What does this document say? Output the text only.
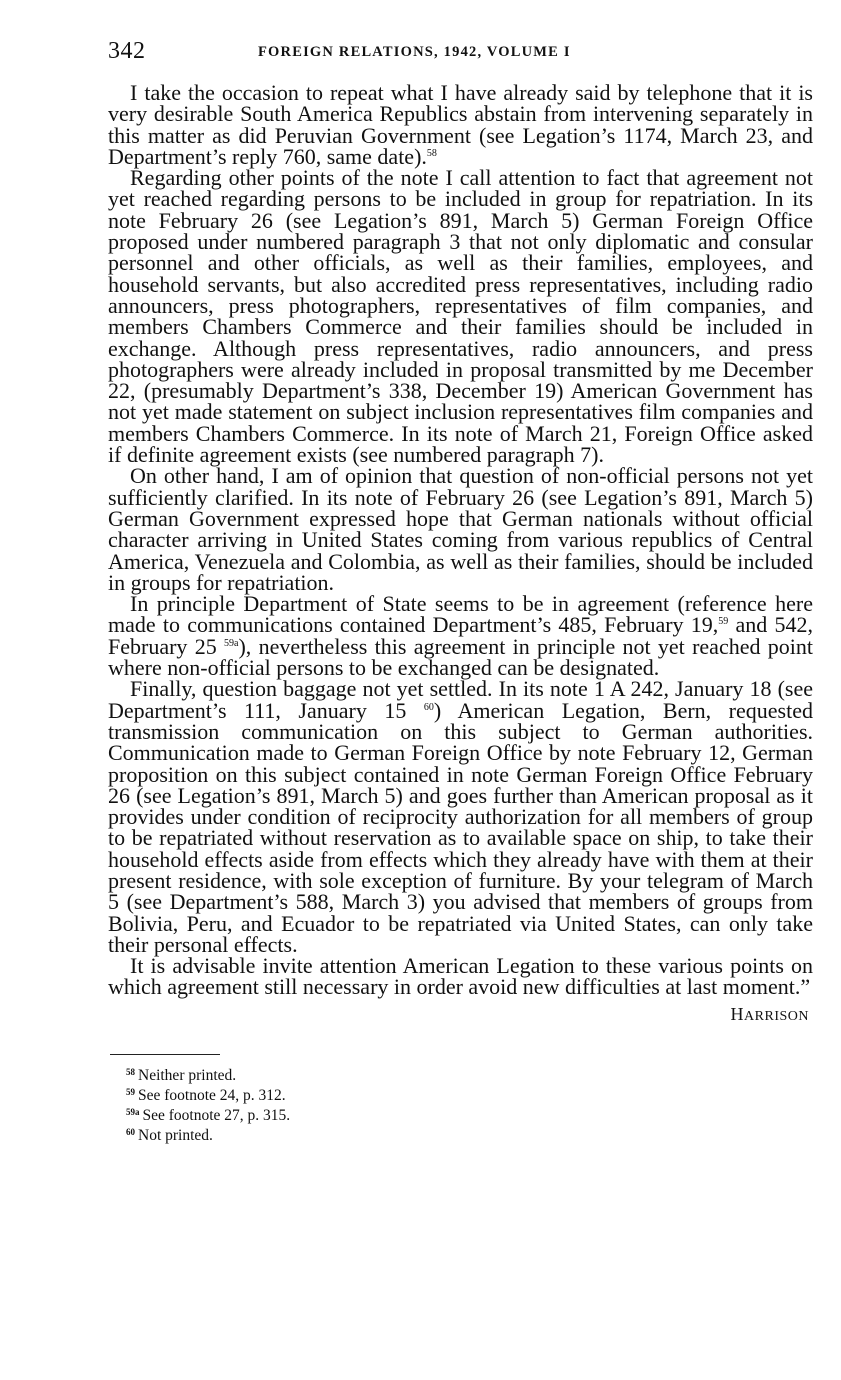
342	FOREIGN RELATIONS, 1942, VOLUME I

I take the occasion to repeat what I have already said by telephone that it is very desirable South America Republics abstain from intervening separately in this matter as did Peruvian Government (see Legation’s 1174, March 23, and Department’s reply 760, same date).$^{58}$

Regarding other points of the note I call attention to fact that agreement not yet reached regarding persons to be included in group for repatriation. In its note February 26 (see Legation’s 891, March 5) German Foreign Office proposed under numbered paragraph 3 that not only diplomatic and consular personnel and other officials, as well as their families, employees, and household servants, but also accredited press representatives, including radio announcers, press photographers, representatives of film companies, and members Chambers Commerce and their families should be included in exchange. Although press representatives, radio announcers, and press photographers were already included in proposal transmitted by me December 22, (presumably Department’s 338, December 19) American Government has not yet made statement on subject inclusion representatives film companies and members Chambers Commerce. In its note of March 21, Foreign Office asked if definite agreement exists (see numbered paragraph 7).

On other hand, I am of opinion that question of non-official persons not yet sufficiently clarified. In its note of February 26 (see Legation’s 891, March 5) German Government expressed hope that German nationals without official character arriving in United States coming from various republics of Central America, Venezuela and Colombia, as well as their families, should be included in groups for repatriation.

In principle Department of State seems to be in agreement (reference here made to communications contained Department’s 485, February 19,59 and 542, February 25 $^{59a}$), nevertheless this agreement in principle not yet reached point where non-official persons to be exchanged can be designated.

Finally, question baggage not yet settled. In its note 1 A 242, January 18 (see Department’s 111, January 15 $^{60}$) American Legation, Bern, requested transmission communication on this subject to German authorities. Communication made to German Foreign Office by note February 12, German proposition on this subject contained in note German Foreign Office February 26 (see Legation’s 891, March 5) and goes further than American proposal as it provides under condition of reciprocity authorization for all members of group to be repatriated without reservation as to available space on ship, to take their household effects aside from effects which they already have with them at their present residence, with sole exception of furniture. By your telegram of March 5 (see Department’s 588, March 3) you advised that members of groups from Bolivia, Peru, and Ecuador to be repatriated via United States, can only take their personal effects.

It is advisable invite attention American Legation to these various points on which agreement still necessary in order avoid new difficulties at last moment.”

HARRISON

$^{58}$ Neither printed.

$^{59}$ See footnote 24, p. 312.

$^{59a}$ See footnote 27, p. 315.

$^{60}$ Not printed.
